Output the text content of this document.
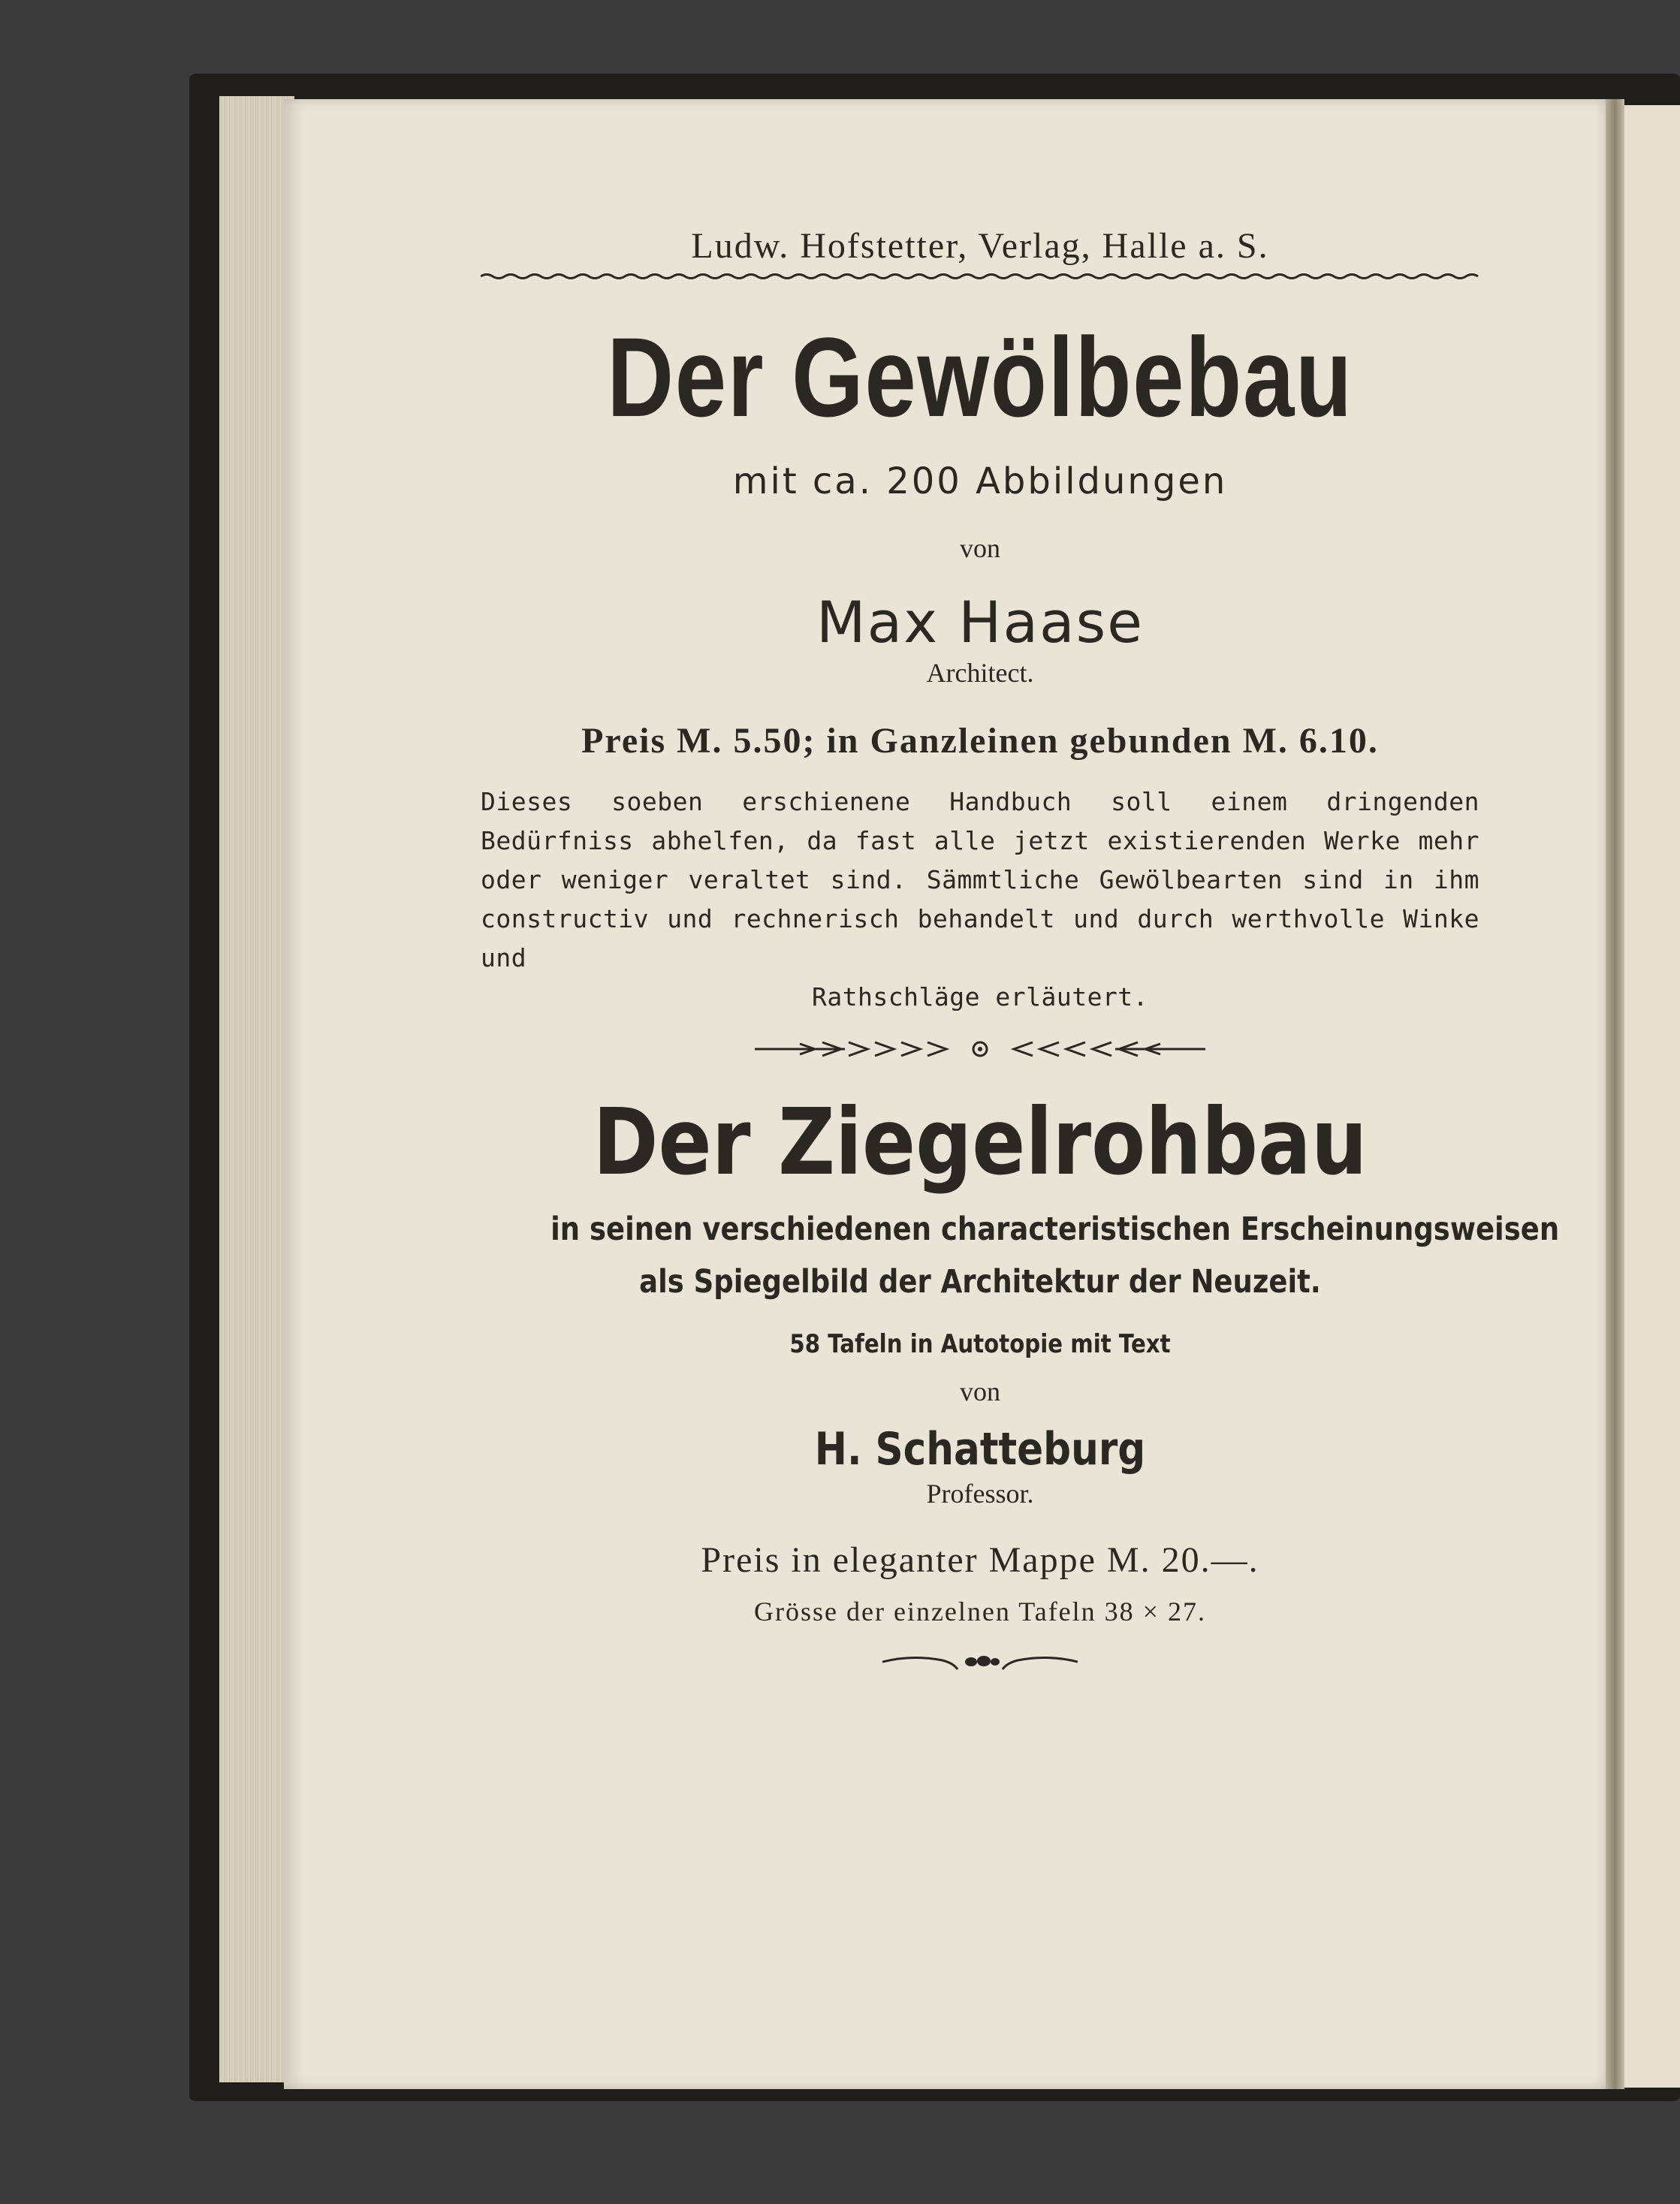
Ludw. Hofstetter, Verlag, Halle a. S.

Der Gewölbebau

mit ca. 200 Abbildungen

von

Max Haase

Architect.

Preis M. 5.50; in Ganzleinen gebunden M. 6.10.

Dieses soeben erschienene Handbuch soll einem dringenden Bedürfniss abhelfen, da fast alle jetzt existierenden Werke mehr oder weniger veraltet sind. Sämmtliche Gewölbearten sind in ihm constructiv und rechnerisch behandelt und durch werthvolle Winke und

Rathschläge erläutert.

Der Ziegelrohbau

in seinen verschiedenen characteristischen Erscheinungsweisen

als Spiegelbild der Architektur der Neuzeit.

58 Tafeln in Autotopie mit Text

von

H. Schatteburg

Professor.

Preis in eleganter Mappe M. 20.—.

Grösse der einzelnen Tafeln 38 × 27.
